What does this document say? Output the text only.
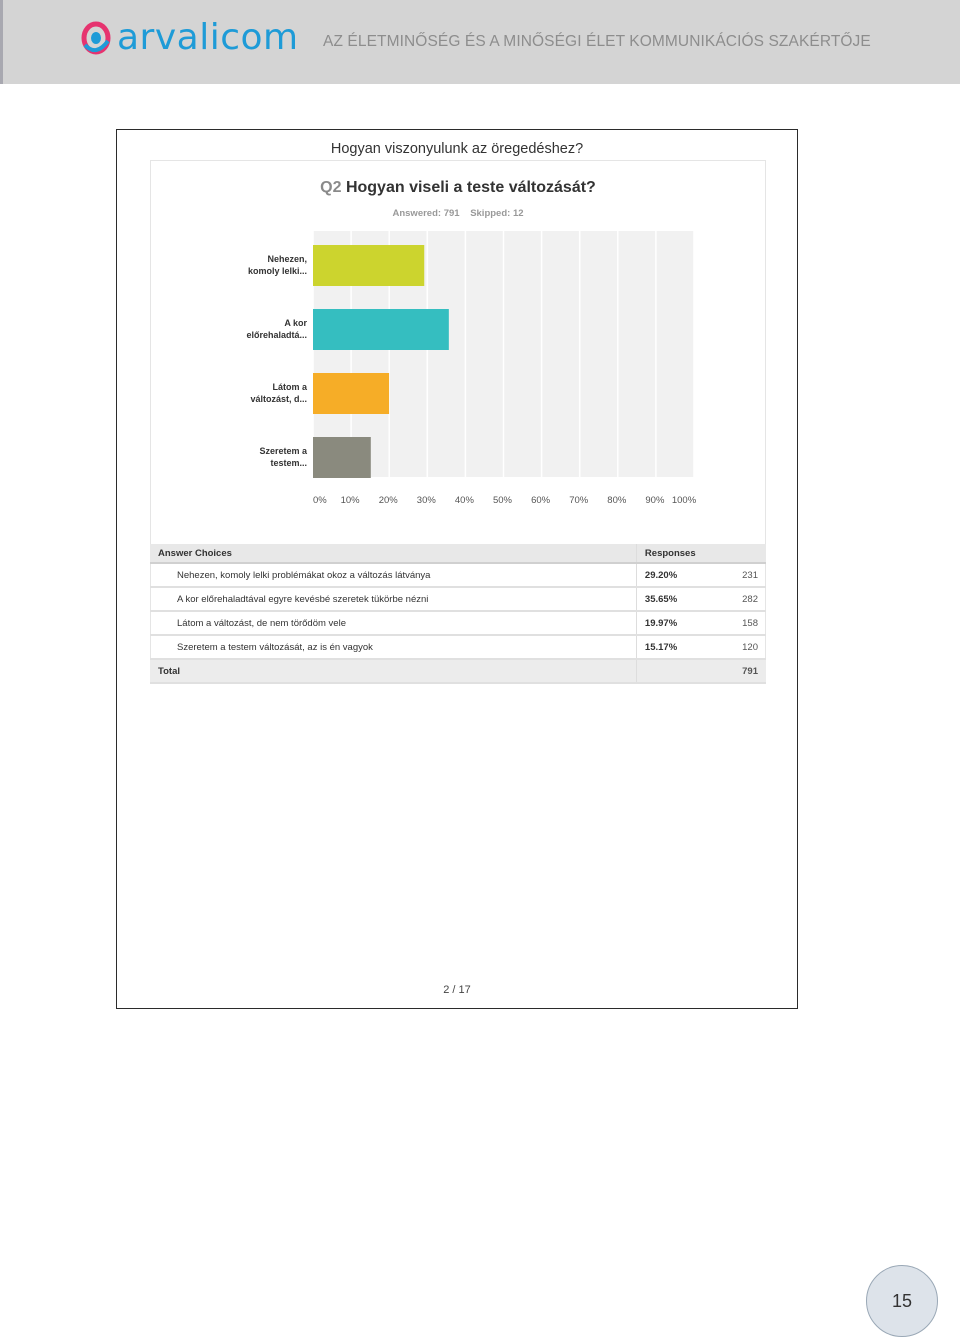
arvalicom AZ ÉLETMINŐSÉG ÉS A MINŐSÉGI ÉLET KOMMUNIKÁCIÓS SZAKÉRTŐJE
Hogyan viszonyulunk az öregedéshez?
Q2 Hogyan viseli a teste változását?
Answered: 791 Skipped: 12
0% 10% 20% 30% 40% 50% 60% 70% 80% 90% 100%
Nehezen,
komoly lelki...
A kor
előrehaladtá...
Látom a
változást, d...
Szeretem a
testem...
Answer Choices	Responses	
Nehezen, komoly lelki problémákat okoz a változás látványa	29.20%	231
A kor előrehaladtával egyre kevésbé szeretek tükörbe nézni	35.65%	282
Látom a változást, de nem törődöm vele	19.97%	158
Szeretem a testem változását, az is én vagyok	15.17%	120
Total		791
2 / 17
15
